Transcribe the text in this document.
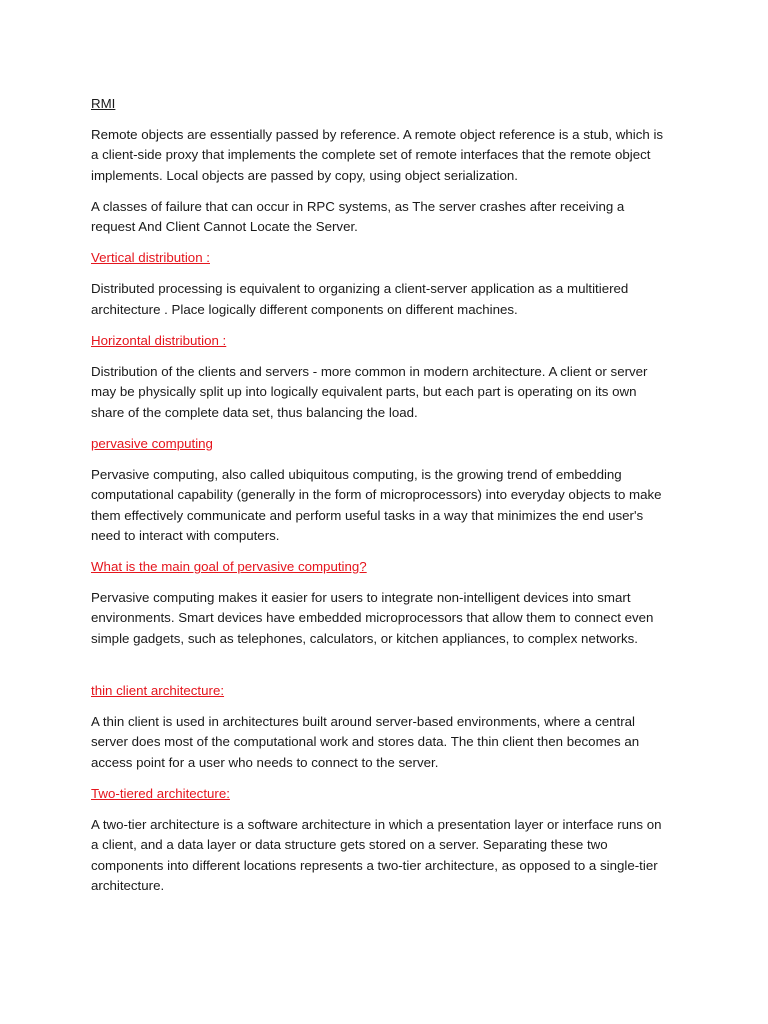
RMI

Remote objects are essentially passed by reference. A remote object reference is a stub, which is a client-side proxy that implements the complete set of remote interfaces that the remote object implements. Local objects are passed by copy, using object serialization.

A classes of failure that can occur in RPC systems, as The server crashes after receiving a request And Client Cannot Locate the Server.

Vertical distribution :

Distributed processing is equivalent to organizing a client-server application as a multitiered architecture . Place logically different components on different machines.

Horizontal distribution :

Distribution of the clients and servers - more common in modern architecture. A client or server may be physically split up into logically equivalent parts, but each part is operating on its own share of the complete data set, thus balancing the load.

pervasive computing

Pervasive computing, also called ubiquitous computing, is the growing trend of embedding computational capability (generally in the form of microprocessors) into everyday objects to make them effectively communicate and perform useful tasks in a way that minimizes the end user's need to interact with computers.

What is the main goal of pervasive computing?

Pervasive computing makes it easier for users to integrate non-intelligent devices into smart environments. Smart devices have embedded microprocessors that allow them to connect even simple gadgets, such as telephones, calculators, or kitchen appliances, to complex networks.

thin client architecture:

A thin client is used in architectures built around server-based environments, where a central server does most of the computational work and stores data. The thin client then becomes an access point for a user who needs to connect to the server.

Two-tiered architecture:

A two-tier architecture is a software architecture in which a presentation layer or interface runs on a client, and a data layer or data structure gets stored on a server. Separating these two components into different locations represents a two-tier architecture, as opposed to a single-tier architecture.
